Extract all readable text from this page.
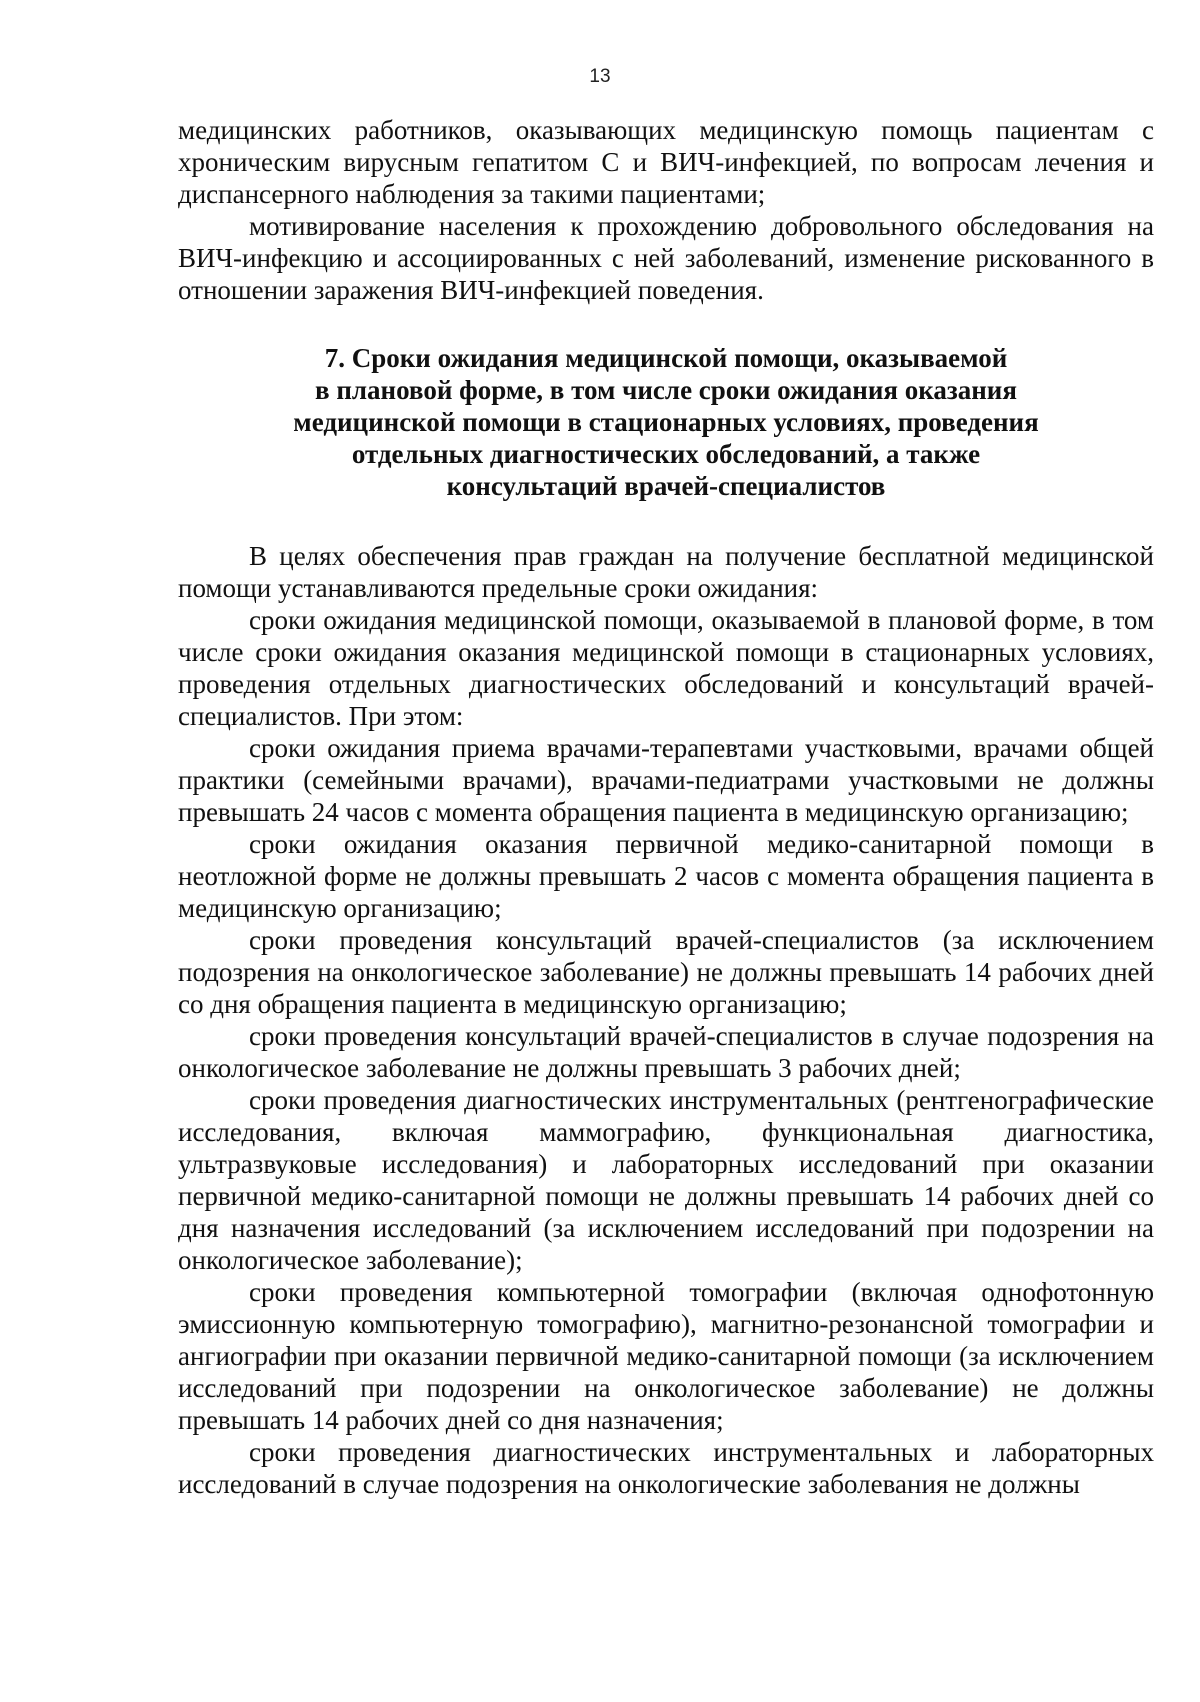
13

медицинских работников, оказывающих медицинскую помощь пациентам с хроническим вирусным гепатитом С и ВИЧ-инфекцией, по вопросам лечения и диспансерного наблюдения за такими пациентами;

мотивирование населения к прохождению добровольного обследования на ВИЧ-инфекцию и ассоциированных с ней заболеваний, изменение рискованного в отношении заражения ВИЧ-инфекцией поведения.

7. Сроки ожидания медицинской помощи, оказываемой
в плановой форме, в том числе сроки ожидания оказания
медицинской помощи в стационарных условиях, проведения
отдельных диагностических обследований, а также
консультаций врачей-специалистов

В целях обеспечения прав граждан на получение бесплатной медицинской помощи устанавливаются предельные сроки ожидания:

сроки ожидания медицинской помощи, оказываемой в плановой форме, в том числе сроки ожидания оказания медицинской помощи в стационарных условиях, проведения отдельных диагностических обследований и консультаций врачей-специалистов. При этом:

сроки ожидания приема врачами-терапевтами участковыми, врачами общей практики (семейными врачами), врачами-педиатрами участковыми не должны превышать 24 часов с момента обращения пациента в медицинскую организацию;

сроки ожидания оказания первичной медико-санитарной помощи в неотложной форме не должны превышать 2 часов с момента обращения пациента в медицинскую организацию;

сроки проведения консультаций врачей-специалистов (за исключением подозрения на онкологическое заболевание) не должны превышать 14 рабочих дней со дня обращения пациента в медицинскую организацию;

сроки проведения консультаций врачей-специалистов в случае подозрения на онкологическое заболевание не должны превышать 3 рабочих дней;

сроки проведения диагностических инструментальных (рентгенографические исследования, включая маммографию, функциональная диагностика, ультразвуковые исследования) и лабораторных исследований при оказании первичной медико-санитарной помощи не должны превышать 14 рабочих дней со дня назначения исследований (за исключением исследований при подозрении на онкологическое заболевание);

сроки проведения компьютерной томографии (включая однофотонную эмиссионную компьютерную томографию), магнитно-резонансной томографии и ангиографии при оказании первичной медико-санитарной помощи (за исключением исследований при подозрении на онкологическое заболевание) не должны превышать 14 рабочих дней со дня назначения;

сроки проведения диагностических инструментальных и лабораторных исследований в случае подозрения на онкологические заболевания не должны
